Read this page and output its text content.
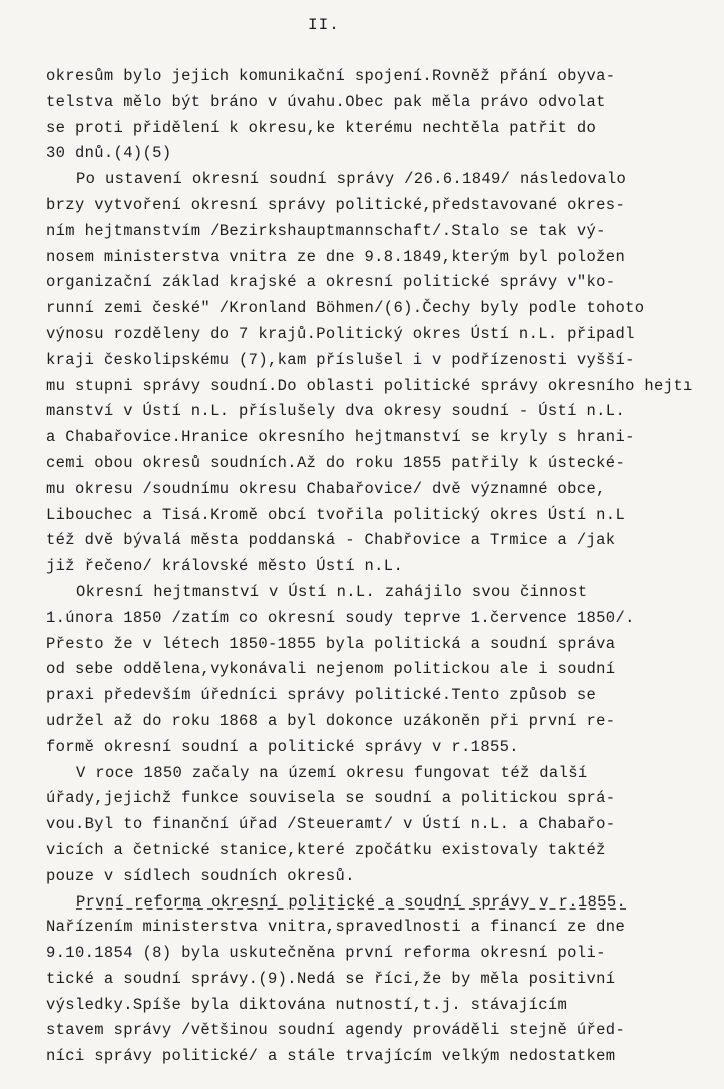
II.
okresům bylo jejich komunikační spojení.Rovněž přání obyva-
telstva mělo být bráno v úvahu.Obec pak měla právo odvolat
se proti přidělení k okresu,ke kterému nechtěla patřit do
30 dnů.(4)(5)
Po ustavení okresní soudní správy /26.6.1849/ následovalo
brzy vytvoření okresní správy politické,představované okres-
ním hejtmanstvím /Bezirkshauptmannschaft/.Stalo se tak vý-
nosem ministerstva vnitra ze dne 9.8.1849,kterým byl položen
organizační základ krajské a okresní politické správy v"ko-
runní zemi české" /Kronland Böhmen/(6).Čechy byly podle tohoto
výnosu rozděleny do 7 krajů.Politický okres Ústí n.L. připadl
kraji českolipskému (7),kam příslušel i v podřízenosti vyšší-
mu stupni správy soudní.Do oblasti politické správy okresního hejtı
manství v Ústí n.L. příslušely dva okresy soudní - Ústí n.L.
a Chabařovice.Hranice okresního hejtmanství se kryly s hrani-
cemi obou okresů soudních.Až do roku 1855 patřily k ústecké-
mu okresu /soudnímu okresu Chabařovice/ dvě významné obce,
Libouchec a Tisá.Kromě obcí tvořila politický okres Ústí n.L
též dvě bývalá města poddanská - Chabřovice a Trmice a /jak
již řečeno/ královské město Ústí n.L.
Okresní hejtmanství v Ústí n.L. zahájilo svou činnost
1.února 1850 /zatím co okresní soudy teprve 1.července 1850/.
Přesto že v létech 1850-1855 byla politická a soudní správa
od sebe oddělena,vykonávali nejenom politickou ale i soudní
praxi především úředníci správy politické.Tento způsob se
udržel až do roku 1868 a byl dokonce uzákoněn při první re-
formě okresní soudní a politické správy v r.1855.
V roce 1850 začaly na území okresu fungovat též další
úřady,jejichž funkce souvisela se soudní a politickou sprá-
vou.Byl to finanční úřad /Steueramt/ v Ústí n.L. a Chabařo-
vicích a četnické stanice,které zpočátku existovaly taktéž
pouze v sídlech soudních okresů.
První reforma okresní politické a soudní správy v r.1855.
Nařízením ministerstva vnitra,spravedlnosti a financí ze dne
9.10.1854 (8) byla uskutečněna první reforma okresní poli-
tické a soudní správy.(9).Nedá se říci,že by měla positivní
výsledky.Spíše byla diktována nutností,t.j. stávajícím
stavem správy /většinou soudní agendy prováděli stejně úřed-
níci správy politické/ a stále trvajícím velkým nedostatkem
